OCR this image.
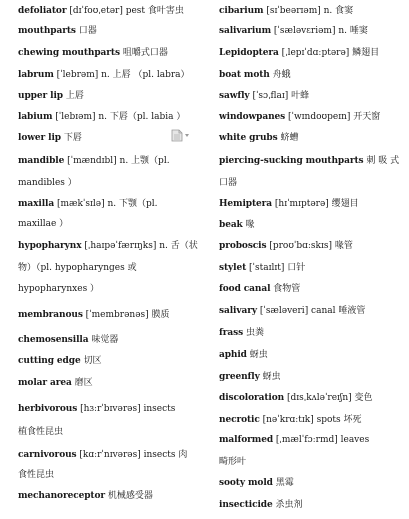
defoliator [dɪˈfoʊˌetər] pest 食叶害虫
mouthparts 口器
chewing mouthparts 咀嚼式口器
labrum [ˈlebrəm] n. 上唇 （pl. labra）
upper lip 上唇
labium [ˈlebɪəm] n. 下唇（pl. labia ）
lower lip 下唇
mandible [ˈmændɪbl] n. 上颚（pl.
mandibles ）
maxilla [mækˈsɪlə] n. 下颚（pl.
maxillae ）
hypopharynx [ˌhaɪpəˈfærɪŋks] n. 舌（状
物）（pl. hypopharynges 或
hypopharynxes ）
membranous [ˈmembrənəs] 膜质
chemosensilla 味觉器
cutting edge 切区
molar area 磨区
herbivorous [hɜːrˈbɪvərəs] insects
植食性昆虫
carnivorous [kɑːrˈnɪvərəs] insects 肉
食性昆虫
mechanoreceptor 机械感受器
cibarium [sɪˈbeərɪəm] n. 食窦
salivarium [ˈsæləvɛriəm] n. 唾窦
Lepidoptera [ˌlepɪˈdɑːptərə] 鳞翅目
boat moth 舟蛾
sawfly [ˈsɔˌflaɪ] 叶蜂
windowpanes [ˈwɪndoʊpeɪn] 开天窗
white grubs 蛴螬
piercing-sucking mouthparts 刺 吸 式
口器
Hemiptera [hɪˈmɪptərə] 缨翅目
beak 喙
proboscis [proʊˈbɑːskɪs] 喙管
stylet [ˈstaɪlɪt] 口针
food canal 食物管
salivary [ˈsæləveri] canal 唾液管
frass 虫粪
aphid 蚜虫
greenfly 蚜虫
discoloration [dɪsˌkʌləˈreɪʃn] 变色
necrotic [nəˈkrɑːtɪk] spots 坏死
malformed [ˌmælˈfɔːrmd] leaves
畸形叶
sooty mold 黑霉
insecticide 杀虫剂
